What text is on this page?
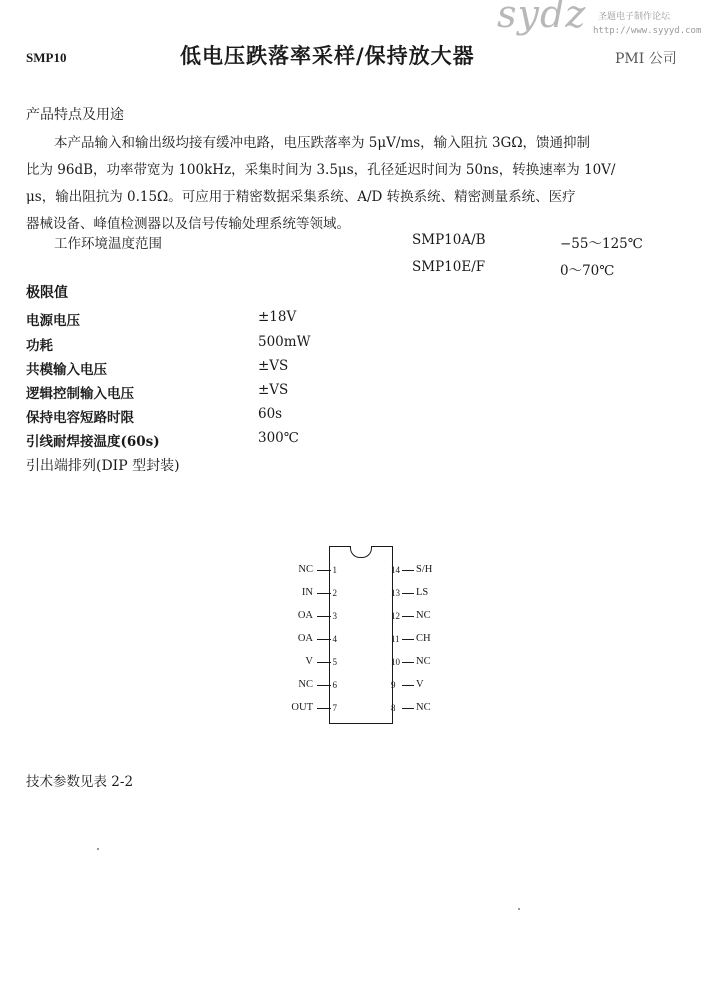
sydz 圣题电子制作论坛
http://www.syyyd.com
SMP10	低电压跌落率采样/保持放大器	PMI 公司
产品特点及用途

本产品输入和输出级均接有缓冲电路，电压跌落率为 5μV/ms，输入阻抗 3GΩ，馈通抑制

比为 96dB，功率带宽为 100kHz，采集时间为 3.5μs，孔径延迟时间为 50ns，转换速率为 10V/

μs，输出阻抗为 0.15Ω。可应用于精密数据采集系统、A/D 转换系统、精密测量系统、医疗

器械设备、峰值检测器以及信号传输处理系统等领域。

工作环境温度范围	SMP10A/B	−55～125℃
SMP10E/F	0～70℃
极限值
电源电压	±18V
功耗	500mW
共模输入电压	±VS
逻辑控制输入电压	±VS
保持电容短路时限	60s
引线耐焊接温度(60s)	300℃
引出端排列(DIP 型封装)
NC 1
IN 2
OA 3
OA 4
V 5
NC 6
OUT 7
14 S/H
13 LS
12 NC
11 CH
10 NC
9 V
8 NC
技术参数见表 2-2
